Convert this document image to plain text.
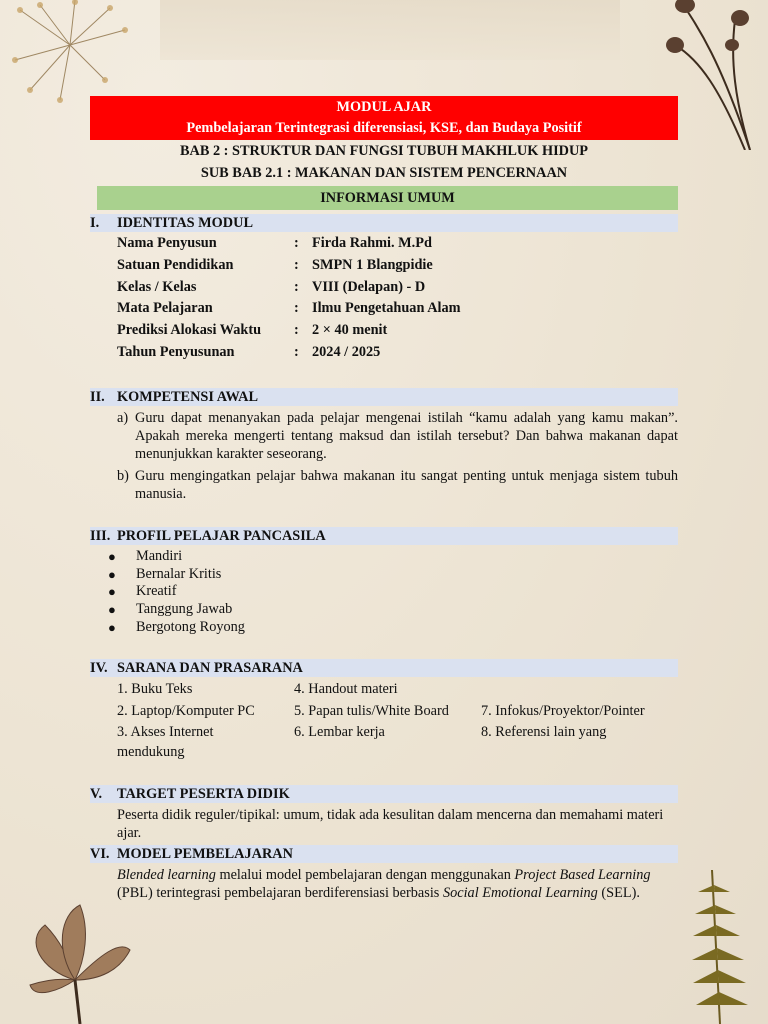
MODUL AJAR
Pembelajaran Terintegrasi diferensiasi, KSE, dan Budaya Positif
BAB 2 : STRUKTUR DAN FUNGSI TUBUH MAKHLUK HIDUP
SUB BAB 2.1 : MAKANAN DAN SISTEM PENCERNAAN
INFORMASI UMUM
I.	IDENTITAS MODUL
Nama Penyusun	: Firda Rahmi. M.Pd
Satuan Pendidikan	: SMPN 1 Blangpidie
Kelas / Kelas	: VIII (Delapan) - D
Mata Pelajaran	: Ilmu Pengetahuan Alam
Prediksi Alokasi Waktu	: 2 × 40 menit
Tahun Penyusunan	: 2024 / 2025
II. KOMPETENSI AWAL
a) Guru dapat menanyakan pada pelajar mengenai istilah “kamu adalah yang kamu makan”. Apakah mereka mengerti tentang maksud dan istilah tersebut? Dan bahwa makanan dapat menunjukkan karakter seseorang.
b) Guru mengingatkan pelajar bahwa makanan itu sangat penting untuk menjaga sistem tubuh manusia.
III. PROFIL PELAJAR PANCASILA
●	Mandiri
●	Bernalar Kritis
●	Kreatif
●	Tanggung Jawab
●	Bergotong Royong
IV. SARANA DAN PRASARANA
1. Buku Teks	4. Handout materi
2. Laptop/Komputer PC	5. Papan tulis/White Board	7. Infokus/Proyektor/Pointer
3. Akses Internet	6. Lembar kerja	8. Referensi lain yang
mendukung
V.	TARGET PESERTA DIDIK
Peserta didik reguler/tipikal: umum, tidak ada kesulitan dalam mencerna dan memahami materi ajar.
VI. MODEL PEMBELAJARAN
Blended learning melalui model pembelajaran dengan menggunakan Project Based Learning (PBL) terintegrasi pembelajaran berdiferensiasi berbasis Social Emotional Learning (SEL).
